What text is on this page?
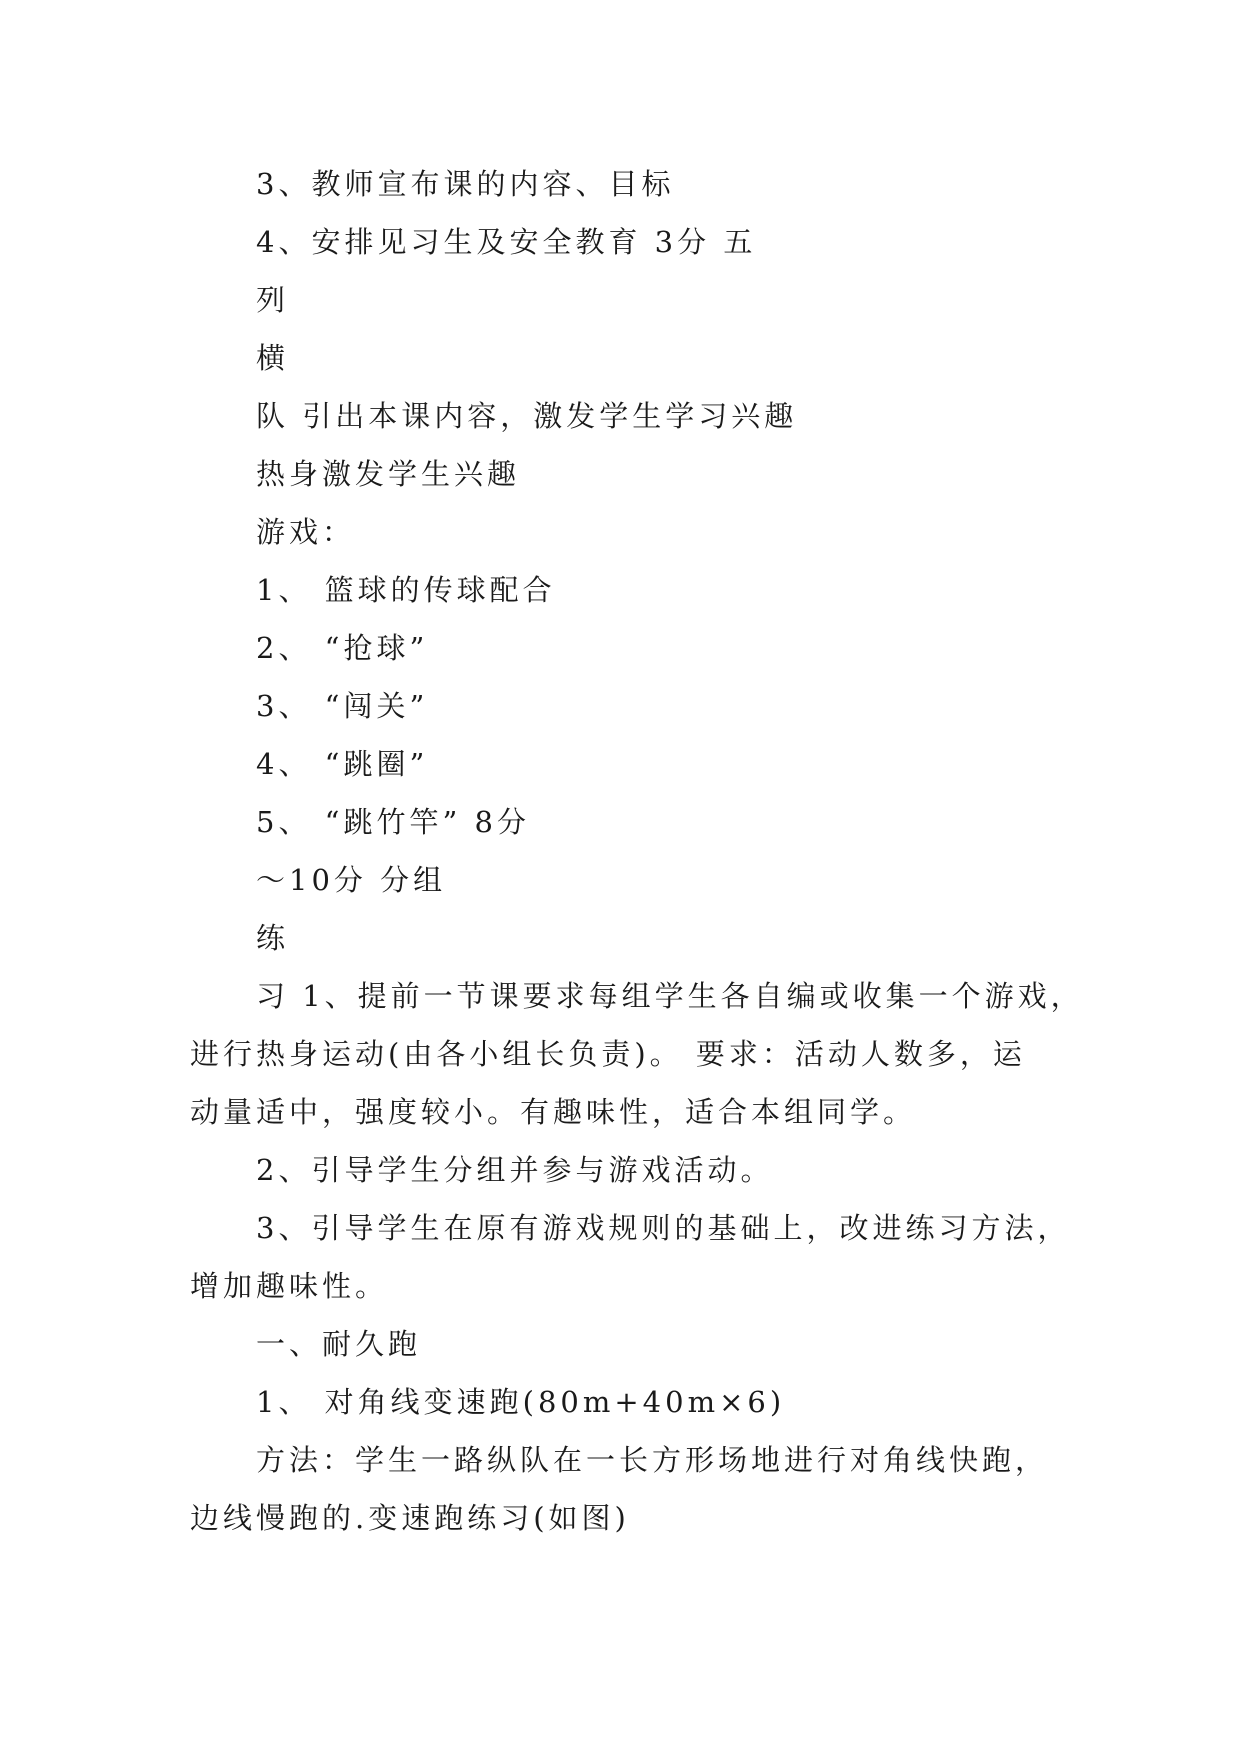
3、教师宣布课的内容、目标
4、安排见习生及安全教育 3分 五
列
横
队 引出本课内容，激发学生学习兴趣
热身激发学生兴趣
游戏：
1、 篮球的传球配合
2、 “抢球”
3、 “闯关”
4、 “跳圈”
5、 “跳竹竿” 8分
～10分 分组
练
习 1、提前一节课要求每组学生各自编或收集一个游戏，
进行热身运动(由各小组长负责)。 要求：活动人数多，运
动量适中，强度较小。有趣味性，适合本组同学。
2、引导学生分组并参与游戏活动。
3、引导学生在原有游戏规则的基础上，改进练习方法，
增加趣味性。
一、耐久跑
1、 对角线变速跑(80m+40m×6)
方法：学生一路纵队在一长方形场地进行对角线快跑，
边线慢跑的.变速跑练习(如图)
